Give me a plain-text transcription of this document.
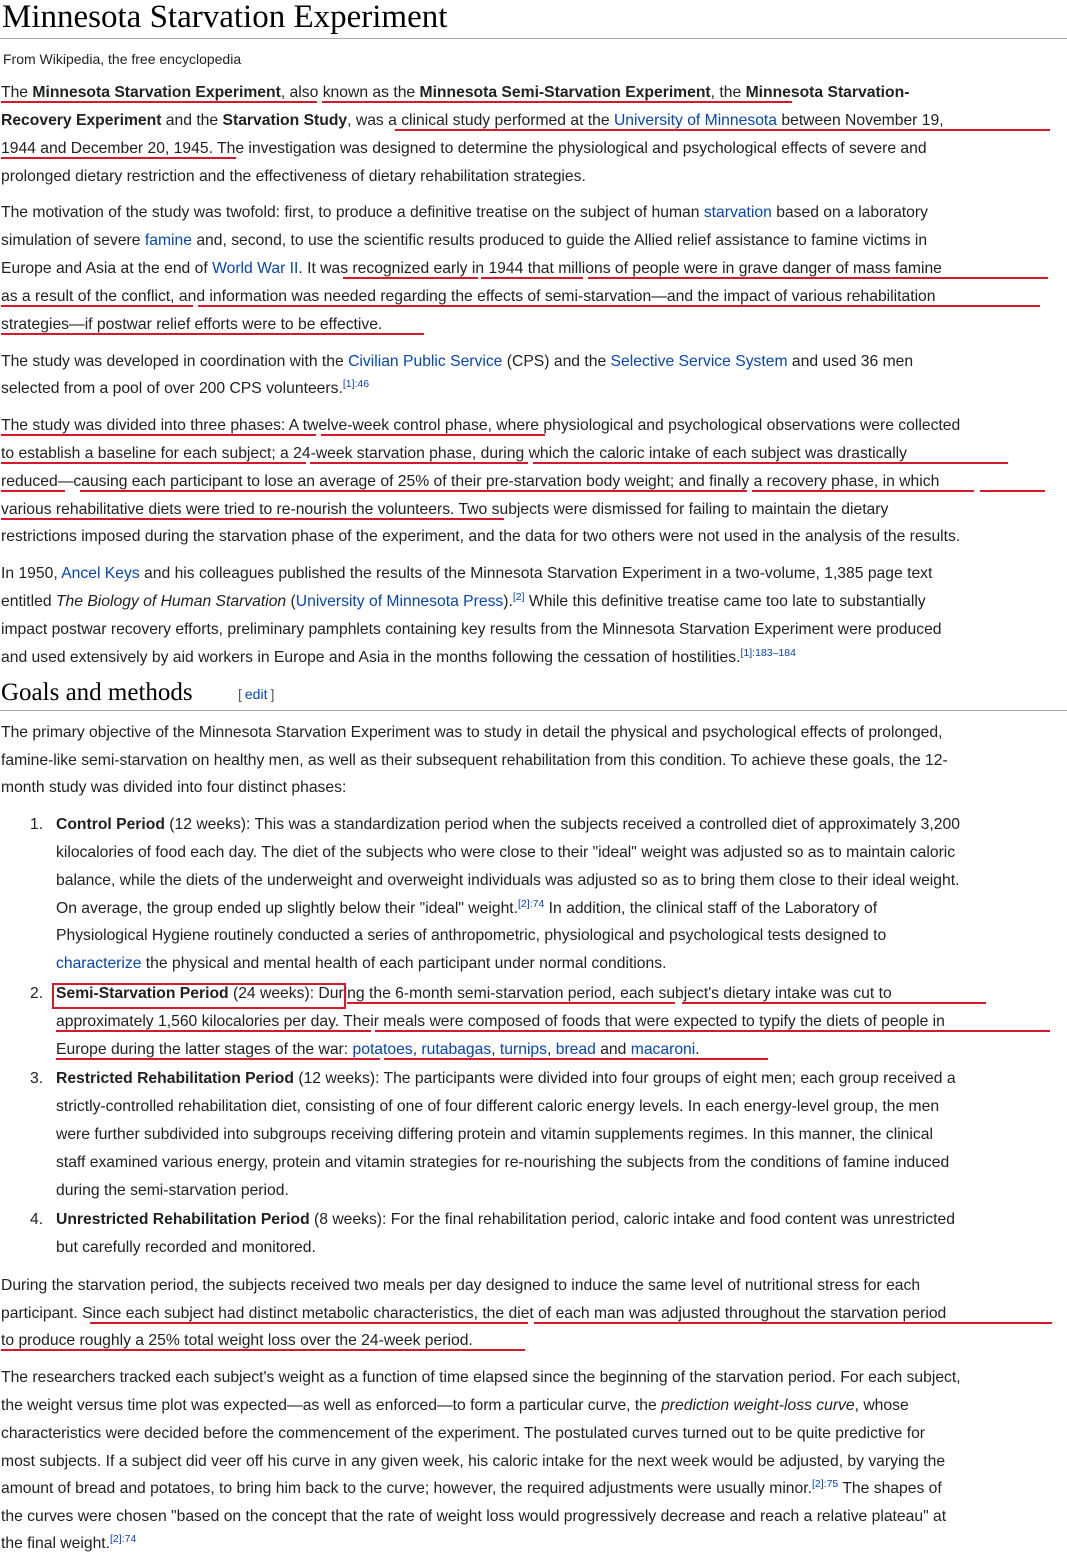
Minnesota Starvation Experiment
From Wikipedia, the free encyclopedia
The Minnesota Starvation Experiment, also known as the Minnesota Semi-Starvation Experiment, the Minnesota Starvation-
Recovery Experiment and the Starvation Study, was a clinical study performed at the University of Minnesota between November 19,
1944 and December 20, 1945. The investigation was designed to determine the physiological and psychological effects of severe and
prolonged dietary restriction and the effectiveness of dietary rehabilitation strategies.
The motivation of the study was twofold: first, to produce a definitive treatise on the subject of human starvation based on a laboratory
simulation of severe famine and, second, to use the scientific results produced to guide the Allied relief assistance to famine victims in
Europe and Asia at the end of World War II. It was recognized early in 1944 that millions of people were in grave danger of mass famine
as a result of the conflict, and information was needed regarding the effects of semi-starvation—and the impact of various rehabilitation
strategies—if postwar relief efforts were to be effective.
The study was developed in coordination with the Civilian Public Service (CPS) and the Selective Service System and used 36 men
selected from a pool of over 200 CPS volunteers.$^{[1]:46}$
The study was divided into three phases: A twelve-week control phase, where physiological and psychological observations were collected
to establish a baseline for each subject; a 24-week starvation phase, during which the caloric intake of each subject was drastically
reduced—causing each participant to lose an average of 25% of their pre-starvation body weight; and finally a recovery phase, in which
various rehabilitative diets were tried to re-nourish the volunteers. Two subjects were dismissed for failing to maintain the dietary
restrictions imposed during the starvation phase of the experiment, and the data for two others were not used in the analysis of the results.
In 1950, Ancel Keys and his colleagues published the results of the Minnesota Starvation Experiment in a two-volume, 1,385 page text
entitled The Biology of Human Starvation (University of Minnesota Press).[2] While this definitive treatise came too late to substantially
impact postwar recovery efforts, preliminary pamphlets containing key results from the Minnesota Starvation Experiment were produced
and used extensively by aid workers in Europe and Asia in the months following the cessation of hostilities.$^{[1]:183-184}$
Goals and methods	[ edit ]
The primary objective of the Minnesota Starvation Experiment was to study in detail the physical and psychological effects of prolonged,
famine-like semi-starvation on healthy men, as well as their subsequent rehabilitation from this condition. To achieve these goals, the 12-
month study was divided into four distinct phases:
1. Control Period (12 weeks): This was a standardization period when the subjects received a controlled diet of approximately 3,200
kilocalories of food each day. The diet of the subjects who were close to their "ideal" weight was adjusted so as to maintain caloric
balance, while the diets of the underweight and overweight individuals was adjusted so as to bring them close to their ideal weight.
On average, the group ended up slightly below their "ideal" weight.$^{[2]:74}$ In addition, the clinical staff of the Laboratory of
Physiological Hygiene routinely conducted a series of anthropometric, physiological and psychological tests designed to
characterize the physical and mental health of each participant under normal conditions.
2. Semi-Starvation Period (24 weeks): During the 6-month semi-starvation period, each subject's dietary intake was cut to
approximately 1,560 kilocalories per day. Their meals were composed of foods that were expected to typify the diets of people in
Europe during the latter stages of the war: potatoes, rutabagas, turnips, bread and macaroni.
3. Restricted Rehabilitation Period (12 weeks): The participants were divided into four groups of eight men; each group received a
strictly-controlled rehabilitation diet, consisting of one of four different caloric energy levels. In each energy-level group, the men
were further subdivided into subgroups receiving differing protein and vitamin supplements regimes. In this manner, the clinical
staff examined various energy, protein and vitamin strategies for re-nourishing the subjects from the conditions of famine induced
during the semi-starvation period.
4. Unrestricted Rehabilitation Period (8 weeks): For the final rehabilitation period, caloric intake and food content was unrestricted
but carefully recorded and monitored.
During the starvation period, the subjects received two meals per day designed to induce the same level of nutritional stress for each
participant. Since each subject had distinct metabolic characteristics, the diet of each man was adjusted throughout the starvation period
to produce roughly a 25% total weight loss over the 24-week period.
The researchers tracked each subject's weight as a function of time elapsed since the beginning of the starvation period. For each subject,
the weight versus time plot was expected—as well as enforced—to form a particular curve, the prediction weight-loss curve, whose
characteristics were decided before the commencement of the experiment. The postulated curves turned out to be quite predictive for
most subjects. If a subject did veer off his curve in any given week, his caloric intake for the next week would be adjusted, by varying the
amount of bread and potatoes, to bring him back to the curve; however, the required adjustments were usually minor.$^{[2]:75}$ The shapes of
the curves were chosen "based on the concept that the rate of weight loss would progressively decrease and reach a relative plateau" at
the final weight.$^{[2]:74}$
